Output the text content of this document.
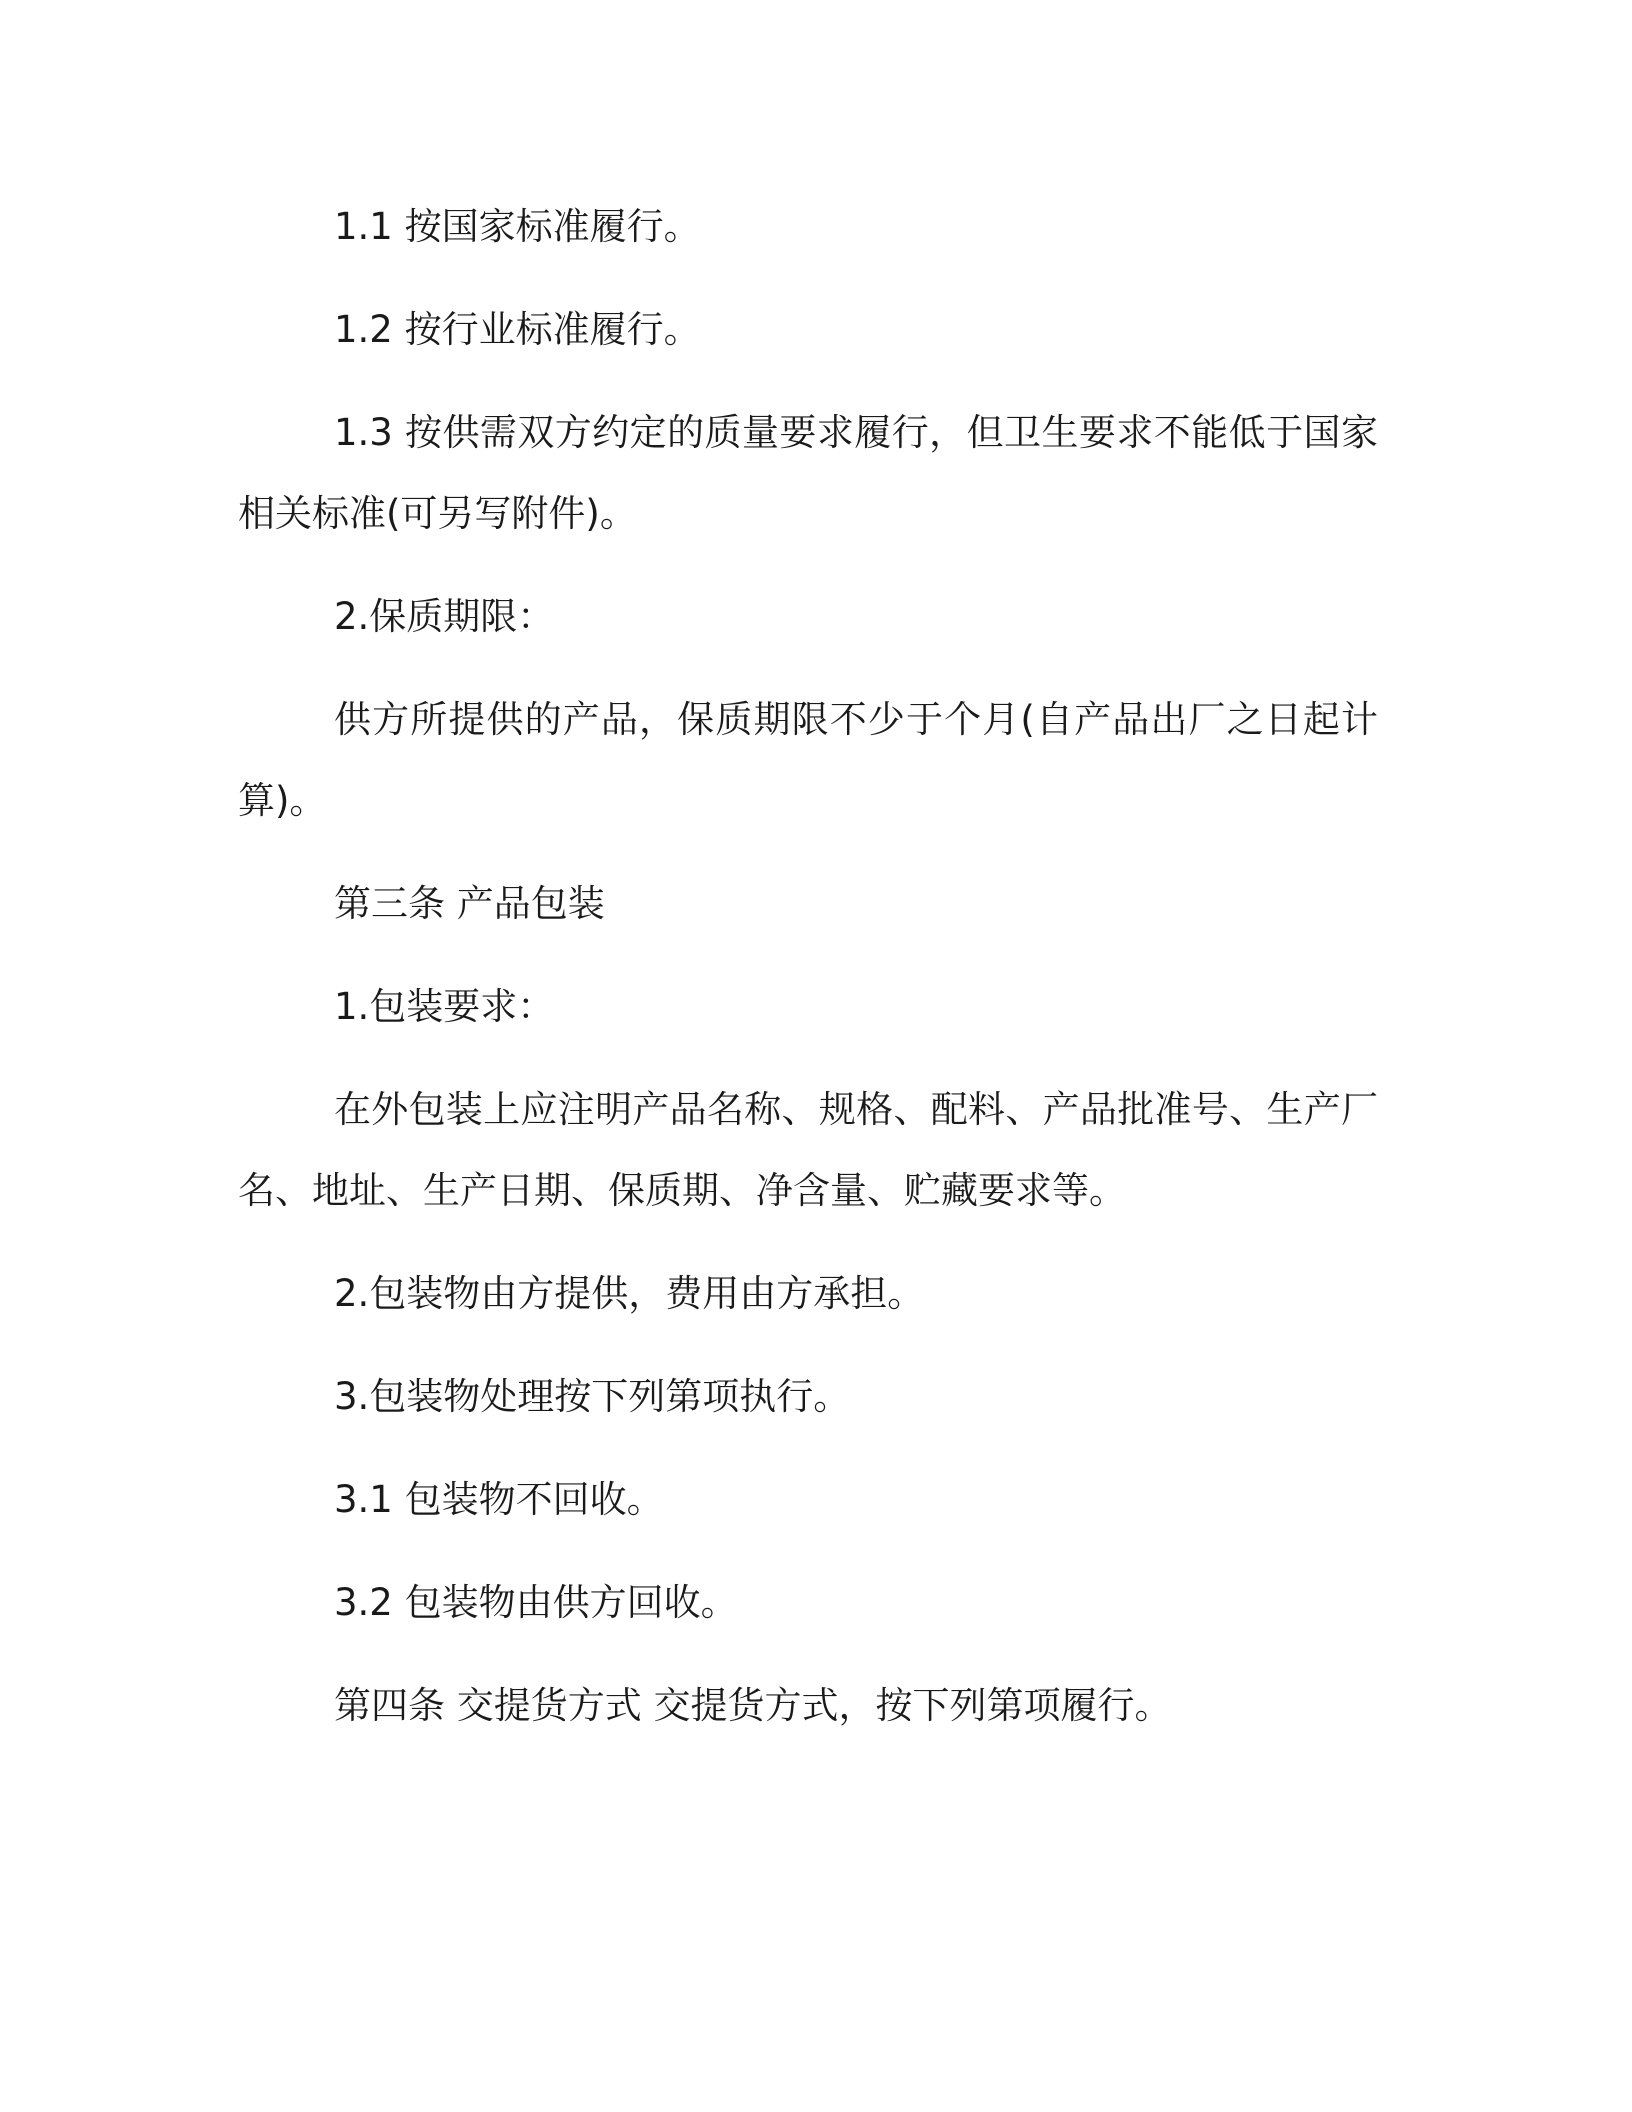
1.1 按国家标准履行。

1.2 按行业标准履行。

1.3 按供需双方约定的质量要求履行，但卫生要求不能低于国家相关标准(可另写附件)。

2.保质期限：

供方所提供的产品，保质期限不少于个月(自产品出厂之日起计算)。

第三条 产品包装

1.包装要求：

在外包装上应注明产品名称、规格、配料、产品批准号、生产厂名、地址、生产日期、保质期、净含量、贮藏要求等。

2.包装物由方提供，费用由方承担。

3.包装物处理按下列第项执行。

3.1 包装物不回收。

3.2 包装物由供方回收。

第四条 交提货方式 交提货方式，按下列第项履行。
